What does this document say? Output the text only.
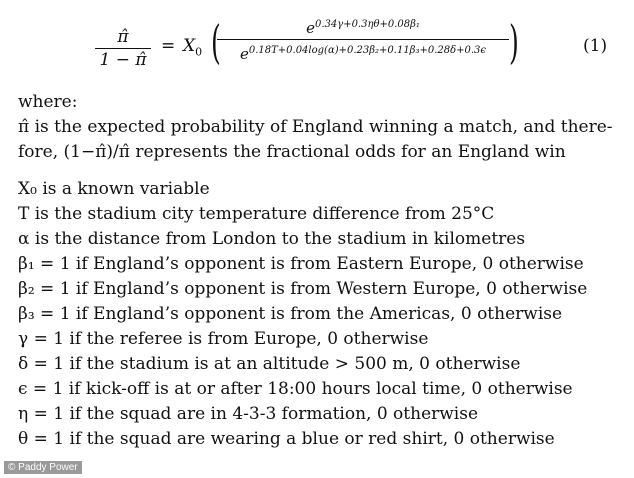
π̂
1 − π̂
= $X_0$ (	$e^{0.34\gamma+0.3\eta\theta+0.08\beta_1}$
$e^{0.18T+0.04log(\alpha)+0.23\beta_2+0.11\beta_3+0.28\delta+0.3\epsilon}$ )	(1)
where:
π̂ is the expected probability of England winning a match, and there-
fore, (1−π̂)/π̂ represents the fractional odds for an England win
X₀ is a known variable
T is the stadium city temperature difference from 25°C
α is the distance from London to the stadium in kilometres
β₁ = 1 if England’s opponent is from Eastern Europe, 0 otherwise
β₂ = 1 if England’s opponent is from Western Europe, 0 otherwise
β₃ = 1 if England’s opponent is from the Americas, 0 otherwise
γ = 1 if the referee is from Europe, 0 otherwise
δ = 1 if the stadium is at an altitude > 500 m, 0 otherwise
ϵ = 1 if kick-off is at or after 18:00 hours local time, 0 otherwise
η = 1 if the squad are in 4-3-3 formation, 0 otherwise
θ = 1 if the squad are wearing a blue or red shirt, 0 otherwise
© Paddy Power
